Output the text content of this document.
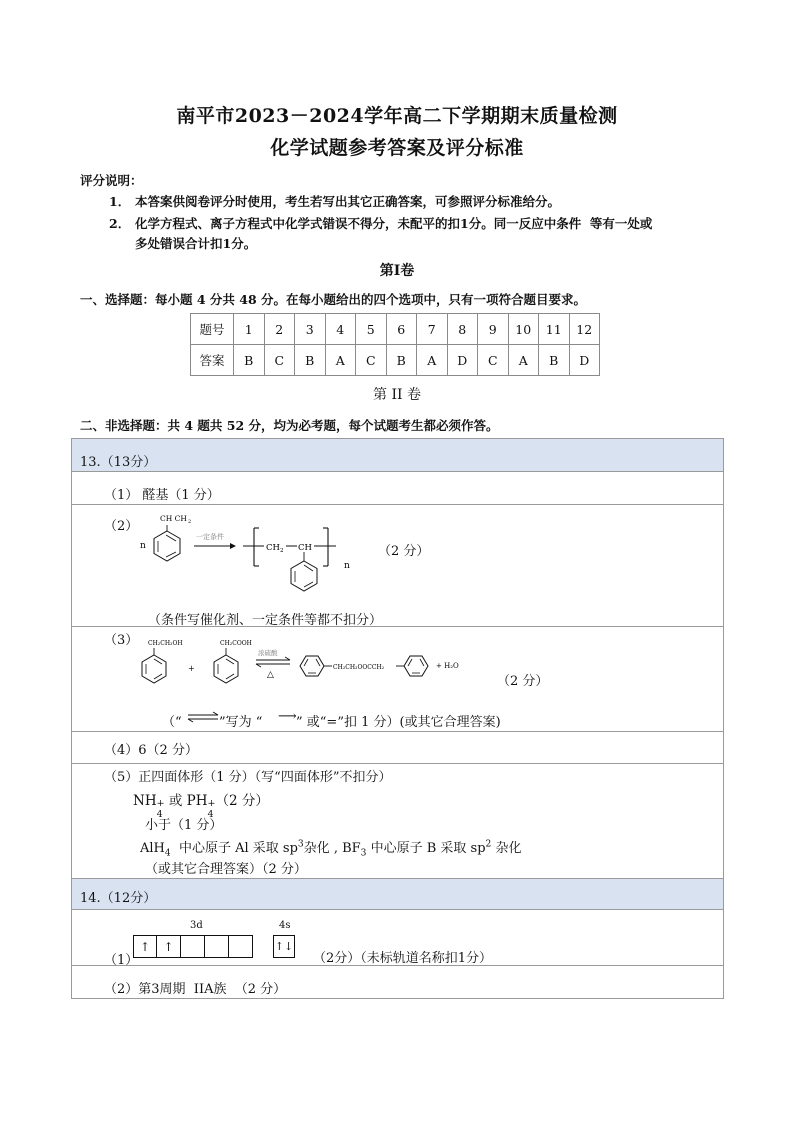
南平市2023－2024学年高二下学期期末质量检测
化学试题参考答案及评分标准
评分说明：
1． 本答案供阅卷评分时使用，考生若写出其它正确答案，可参照评分标准给分。
2． 化学方程式、离子方程式中化学式错误不得分，未配平的扣1分。同一反应中条件  等有一处或
多处错误合计扣1分。
第Ⅰ卷
一、选择题：每小题 4 分共 48 分。在每小题给出的四个选项中，只有一项符合题目要求。
题号	1	2	3	4	5	6	7	8	9	10	11	12
答案	B	C	B	A	C	B	A	D	C	A	B	D
第 II 卷
二、非选择题：共 4 题共 52 分，均为必考题，每个试题考生都必须作答。
13.（13分）
（1） 醛基（1 分）
（2）
n
CH CH 2
一定条件
CH 2 CH
n
（2 分）
（条件写催化剂、一定条件等都不扣分）
（3） CH₂CH₂OH
+
CH₂COOH
浓硫酸
△
CH₂CH₂OOCCH₂	+ H₂O
（2 分）
（“	”写为 “ ⟶ ” 或“=”扣 1 分）(或其它合理答案)
（4）6（2 分）
（5）正四面体形（1 分）（写“四面体形”不扣分）
NH +
4
或 PH +
4
（2 分）
小于（1 分）
AlH$_4$  中心原子 Al 采取 $sp^3$杂化 , $BF_3$ 中心原子 B 采取 $sp^2$ 杂化
（或其它合理答案）（2 分）
14.（12分）
（1）
3d	4s
↑	↑	↑↓
（2分）（未标轨道名称扣1分）
（2）第3周期  IIA族  （2 分）
